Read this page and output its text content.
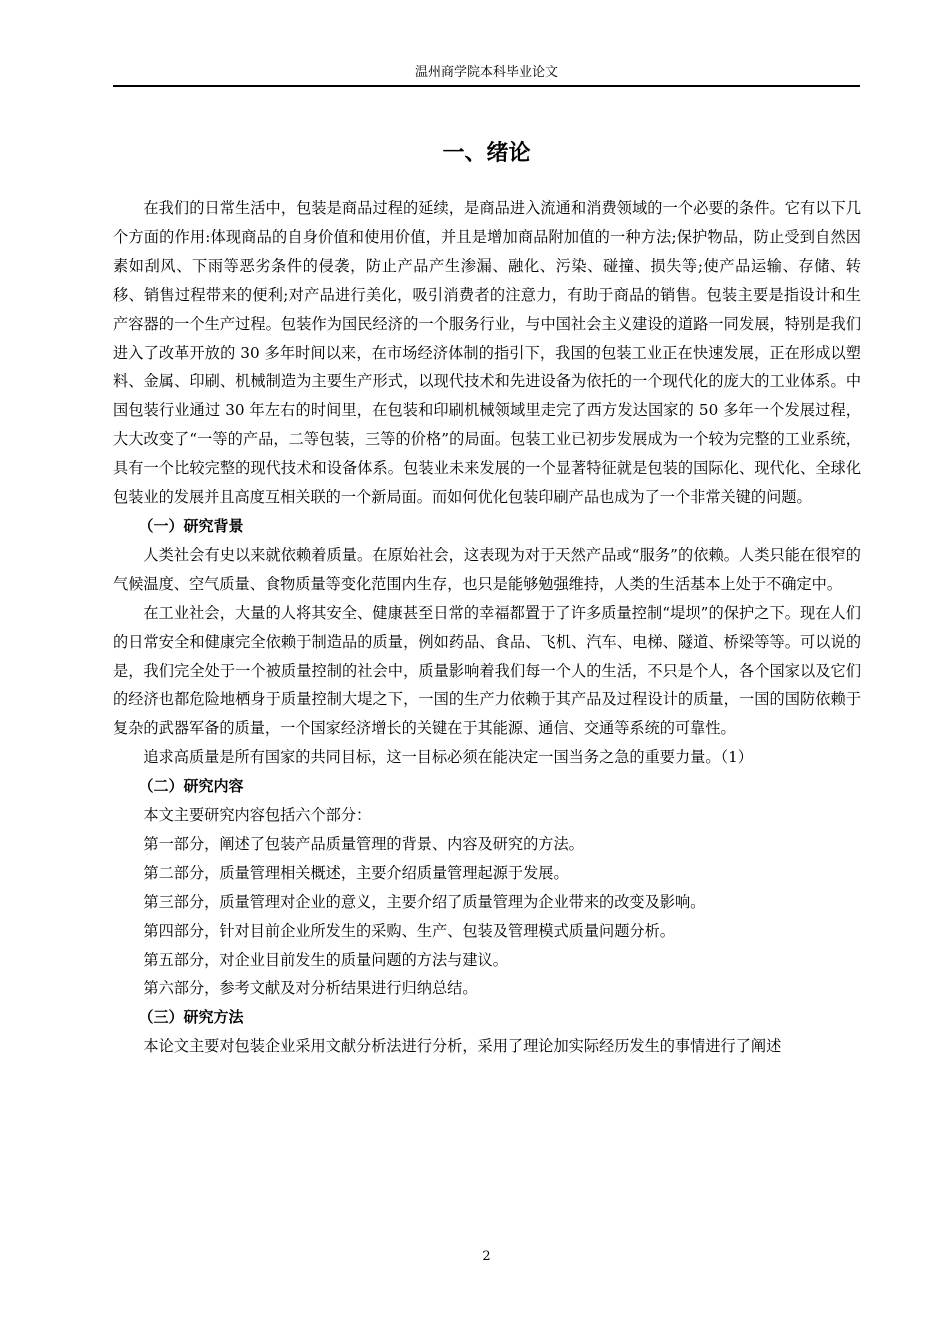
温州商学院本科毕业论文
一、绪论

在我们的日常生活中，包装是商品过程的延续，是商品进入流通和消费领域的一个必要的条件。它有以下几个方面的作用:体现商品的自身价值和使用价值，并且是增加商品附加值的一种方法;保护物品，防止受到自然因素如刮风、下雨等恶劣条件的侵袭，防止产品产生渗漏、融化、污染、碰撞、损失等;使产品运输、存储、转移、销售过程带来的便利;对产品进行美化，吸引消费者的注意力，有助于商品的销售。包装主要是指设计和生产容器的一个生产过程。包装作为国民经济的一个服务行业，与中国社会主义建设的道路一同发展，特别是我们进入了改革开放的 30 多年时间以来，在市场经济体制的指引下，我国的包装工业正在快速发展，正在形成以塑料、金属、印刷、机械制造为主要生产形式，以现代技术和先进设备为依托的一个现代化的庞大的工业体系。中国包装行业通过 30 年左右的时间里，在包装和印刷机械领域里走完了西方发达国家的 50 多年一个发展过程，大大改变了“一等的产品，二等包装，三等的价格”的局面。包装工业已初步发展成为一个较为完整的工业系统，具有一个比较完整的现代技术和设备体系。包装业未来发展的一个显著特征就是包装的国际化、现代化、全球化包装业的发展并且高度互相关联的一个新局面。而如何优化包装印刷产品也成为了一个非常关键的问题。

（一）研究背景

人类社会有史以来就依赖着质量。在原始社会，这表现为对于天然产品或“服务”的依赖。人类只能在很窄的气候温度、空气质量、食物质量等变化范围内生存，也只是能够勉强维持，人类的生活基本上处于不确定中。

在工业社会，大量的人将其安全、健康甚至日常的幸福都置于了许多质量控制“堤坝”的保护之下。现在人们的日常安全和健康完全依赖于制造品的质量，例如药品、食品、飞机、汽车、电梯、隧道、桥梁等等。可以说的是，我们完全处于一个被质量控制的社会中，质量影响着我们每一个人的生活，不只是个人，各个国家以及它们的经济也都危险地栖身于质量控制大堤之下，一国的生产力依赖于其产品及过程设计的质量，一国的国防依赖于复杂的武器军备的质量，一个国家经济增长的关键在于其能源、通信、交通等系统的可靠性。

追求高质量是所有国家的共同目标，这一目标必须在能决定一国当务之急的重要力量。（1）

（二）研究内容

本文主要研究内容包括六个部分：

第一部分，阐述了包装产品质量管理的背景、内容及研究的方法。

第二部分，质量管理相关概述，主要介绍质量管理起源于发展。

第三部分，质量管理对企业的意义，主要介绍了质量管理为企业带来的改变及影响。

第四部分，针对目前企业所发生的采购、生产、包装及管理模式质量问题分析。

第五部分，对企业目前发生的质量问题的方法与建议。

第六部分，参考文献及对分析结果进行归纳总结。

（三）研究方法

本论文主要对包装企业采用文献分析法进行分析，采用了理论加实际经历发生的事情进行了阐述

2
